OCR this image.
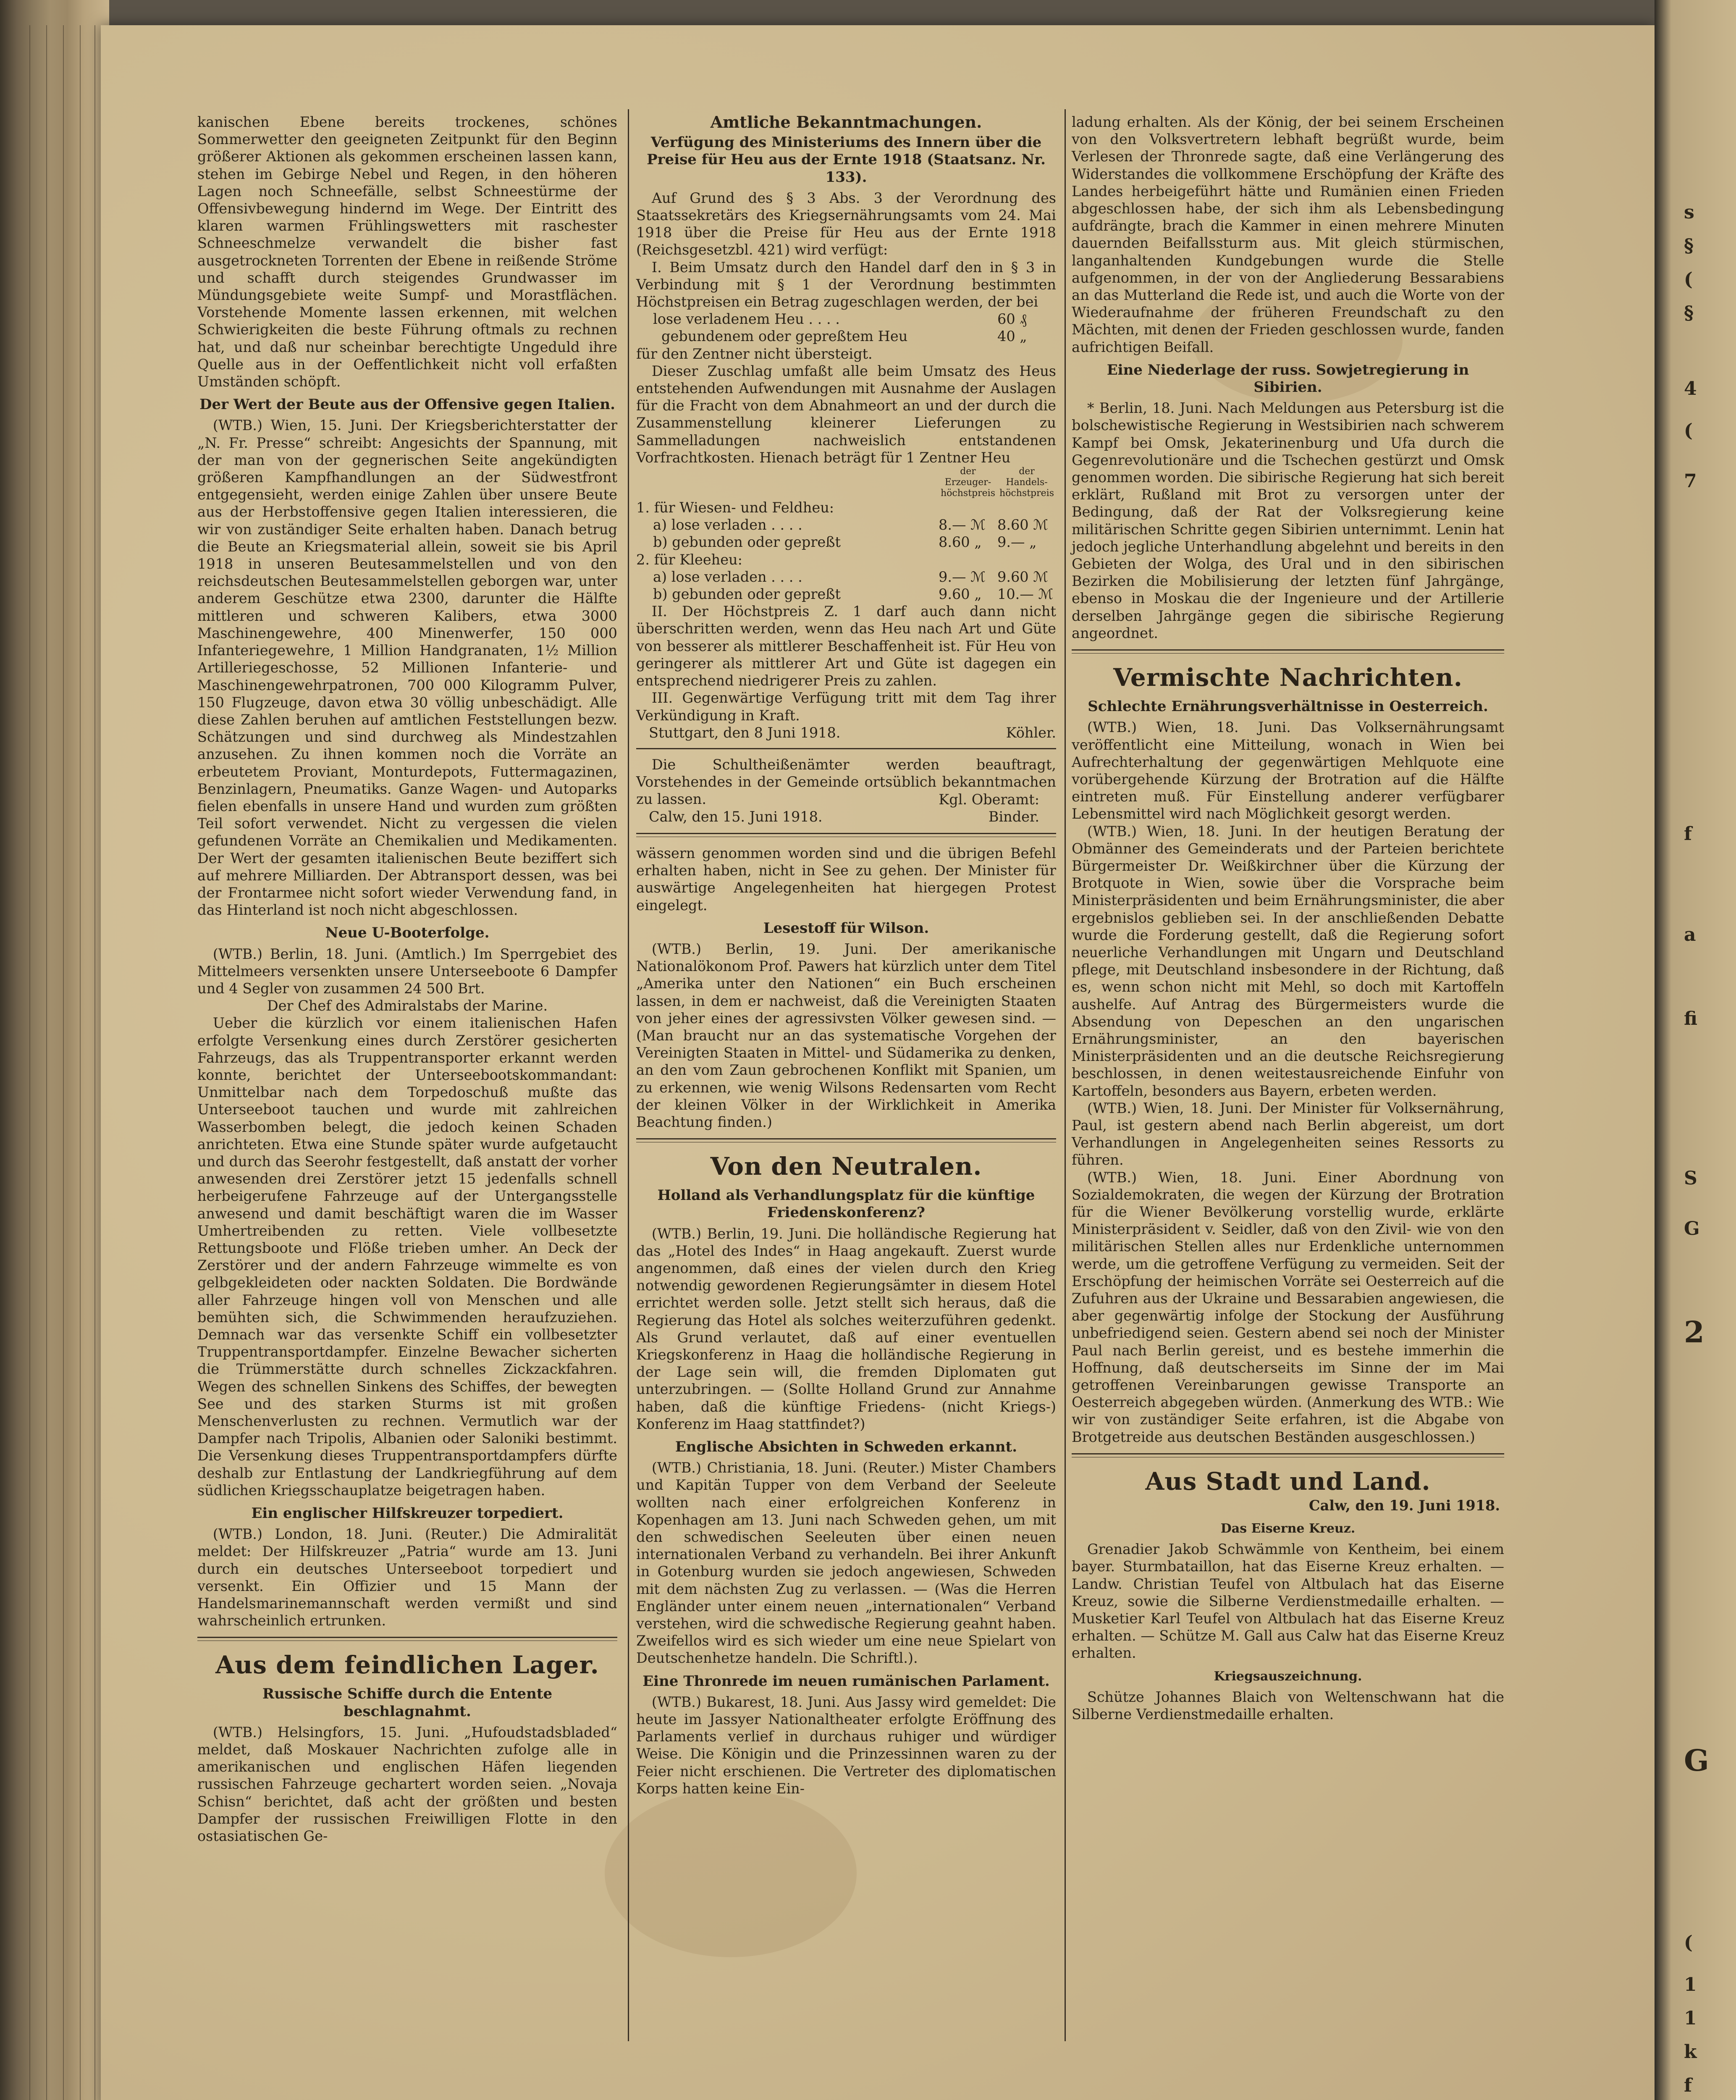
kanischen Ebene bereits trockenes, schönes Sommerwetter den geeigneten Zeitpunkt für den Beginn größerer Aktionen als gekommen erscheinen lassen kann, stehen im Gebirge Nebel und Regen, in den höheren Lagen noch Schneefälle, selbst Schneestürme der Offensivbewegung hindernd im Wege. Der Eintritt des klaren warmen Frühlingswetters mit raschester Schneeschmelze verwandelt die bisher fast ausgetrockneten Torrenten der Ebene in reißende Ströme und schafft durch steigendes Grundwasser im Mündungsgebiete weite Sumpf- und Morastflächen. Vorstehende Momente lassen erkennen, mit welchen Schwierigkeiten die beste Führung oftmals zu rechnen hat, und daß nur scheinbar berechtigte Ungeduld ihre Quelle aus in der Oeffentlichkeit nicht voll erfaßten Umständen schöpft.

Der Wert der Beute aus der Offensive gegen Italien.

(WTB.) Wien, 15. Juni. Der Kriegsberichterstatter der „N. Fr. Presse“ schreibt: Angesichts der Spannung, mit der man von der gegnerischen Seite angekündigten größeren Kampfhandlungen an der Südwestfront entgegensieht, werden einige Zahlen über unsere Beute aus der Herbstoffensive gegen Italien interessieren, die wir von zuständiger Seite erhalten haben. Danach betrug die Beute an Kriegsmaterial allein, soweit sie bis April 1918 in unseren Beutesammelstellen und von den reichsdeutschen Beutesammelstellen geborgen war, unter anderem Geschütze etwa 2300, darunter die Hälfte mittleren und schweren Kalibers, etwa 3000 Maschinengewehre, 400 Minenwerfer, 150 000 Infanteriegewehre, 1 Million Handgranaten, 1½ Million Artilleriegeschosse, 52 Millionen Infanterie- und Maschinengewehrpatronen, 700 000 Kilogramm Pulver, 150 Flugzeuge, davon etwa 30 völlig unbeschädigt. Alle diese Zahlen beruhen auf amtlichen Feststellungen bezw. Schätzungen und sind durchweg als Mindestzahlen anzusehen. Zu ihnen kommen noch die Vorräte an erbeutetem Proviant, Monturdepots, Futtermagazinen, Benzinlagern, Pneumatiks. Ganze Wagen- und Autoparks fielen ebenfalls in unsere Hand und wurden zum größten Teil sofort verwendet. Nicht zu vergessen die vielen gefundenen Vorräte an Chemikalien und Medikamenten. Der Wert der gesamten italienischen Beute beziffert sich auf mehrere Milliarden. Der Abtransport dessen, was bei der Frontarmee nicht sofort wieder Verwendung fand, in das Hinterland ist noch nicht abgeschlossen.

Neue U-Booterfolge.

(WTB.) Berlin, 18. Juni. (Amtlich.) Im Sperrgebiet des Mittelmeers versenkten unsere Unterseeboote 6 Dampfer und 4 Segler von zusammen 24 500 Brt.

Der Chef des Admiralstabs der Marine.

Ueber die kürzlich vor einem italienischen Hafen erfolgte Versenkung eines durch Zerstörer gesicherten Fahrzeugs, das als Truppentransporter erkannt werden konnte, berichtet der Unterseebootskommandant: Unmittelbar nach dem Torpedoschuß mußte das Unterseeboot tauchen und wurde mit zahlreichen Wasserbomben belegt, die jedoch keinen Schaden anrichteten. Etwa eine Stunde später wurde aufgetaucht und durch das Seerohr festgestellt, daß anstatt der vorher anwesenden drei Zerstörer jetzt 15 jedenfalls schnell herbeigerufene Fahrzeuge auf der Untergangsstelle anwesend und damit beschäftigt waren die im Wasser Umhertreibenden zu retten. Viele vollbesetzte Rettungsboote und Flöße trieben umher. An Deck der Zerstörer und der andern Fahrzeuge wimmelte es von gelbgekleideten oder nackten Soldaten. Die Bordwände aller Fahrzeuge hingen voll von Menschen und alle bemühten sich, die Schwimmenden heraufzuziehen. Demnach war das versenkte Schiff ein vollbesetzter Truppentransportdampfer. Einzelne Bewacher sicherten die Trümmerstätte durch schnelles Zickzackfahren. Wegen des schnellen Sinkens des Schiffes, der bewegten See und des starken Sturms ist mit großen Menschenverlusten zu rechnen. Vermutlich war der Dampfer nach Tripolis, Albanien oder Saloniki bestimmt. Die Versenkung dieses Truppentransportdampfers dürfte deshalb zur Entlastung der Landkriegführung auf dem südlichen Kriegsschauplatze beigetragen haben.

Ein englischer Hilfskreuzer torpediert.

(WTB.) London, 18. Juni. (Reuter.) Die Admiralität meldet: Der Hilfskreuzer „Patria“ wurde am 13. Juni durch ein deutsches Unterseeboot torpediert und versenkt. Ein Offizier und 15 Mann der Handelsmarinemannschaft werden vermißt und sind wahrscheinlich ertrunken.

Aus dem feindlichen Lager.
Russische Schiffe durch die Entente beschlagnahmt.

(WTB.) Helsingfors, 15. Juni. „Hufoudstadsbladed“ meldet, daß Moskauer Nachrichten zufolge alle in amerikanischen und englischen Häfen liegenden russischen Fahrzeuge gechartert worden seien. „Novaja Schisn“ berichtet, daß acht der größten und besten Dampfer der russischen Freiwilligen Flotte in den ostasiatischen Ge-

Amtliche Bekanntmachungen.
Verfügung des Ministeriums des Innern über die Preise für Heu aus der Ernte 1918 (Staatsanz. Nr. 133).

Auf Grund des § 3 Abs. 3 der Verordnung des Staatssekretärs des Kriegsernährungsamts vom 24. Mai 1918 über die Preise für Heu aus der Ernte 1918 (Reichsgesetzbl. 421) wird verfügt:

I. Beim Umsatz durch den Handel darf den in § 3 in Verbindung mit § 1 der Verordnung bestimmten Höchstpreisen ein Betrag zugeschlagen werden, der bei

lose verladenem Heu . . . .	60 ₰
gebundenem oder gepreßtem Heu	40 „

für den Zentner nicht übersteigt.

Dieser Zuschlag umfaßt alle beim Umsatz des Heus entstehenden Aufwendungen mit Ausnahme der Auslagen für die Fracht von dem Abnahmeort an und der durch die Zusammenstellung kleinerer Lieferungen zu Sammelladungen nachweislich entstandenen Vorfrachtkosten. Hienach beträgt für 1 Zentner Heu

der Erzeuger-höchstpreis
der Handels-höchstpreis
1. für Wiesen- und Feldheu:
a) lose verladen . . . .	8.— ℳ 8.60 ℳ
b) gebunden oder gepreßt	8.60 „	9.— „
2. für Kleeheu:
a) lose verladen . . . .	9.— ℳ 9.60 ℳ
b) gebunden oder gepreßt	9.60 „	10.— ℳ

II. Der Höchstpreis Z. 1 darf auch dann nicht überschritten werden, wenn das Heu nach Art und Güte von besserer als mittlerer Beschaffenheit ist. Für Heu von geringerer als mittlerer Art und Güte ist dagegen ein entsprechend niedrigerer Preis zu zahlen.

III. Gegenwärtige Verfügung tritt mit dem Tag ihrer Verkündigung in Kraft.

Stuttgart, den 8 Juni 1918.	Köhler.

Die Schultheißenämter werden beauftragt, Vorstehendes in der Gemeinde ortsüblich bekanntmachen zu lassen.	Kgl. Oberamt:

Calw, den 15. Juni 1918.	Binder.

wässern genommen worden sind und die übrigen Befehl erhalten haben, nicht in See zu gehen. Der Minister für auswärtige Angelegenheiten hat hiergegen Protest eingelegt.

Lesestoff für Wilson.

(WTB.) Berlin, 19. Juni. Der amerikanische Nationalökonom Prof. Pawers hat kürzlich unter dem Titel „Amerika unter den Nationen“ ein Buch erscheinen lassen, in dem er nachweist, daß die Vereinigten Staaten von jeher eines der agressivsten Völker gewesen sind. — (Man braucht nur an das systematische Vorgehen der Vereinigten Staaten in Mittel- und Südamerika zu denken, an den vom Zaun gebrochenen Konflikt mit Spanien, um zu erkennen, wie wenig Wilsons Redensarten vom Recht der kleinen Völker in der Wirklichkeit in Amerika Beachtung finden.)

Von den Neutralen.
Holland als Verhandlungsplatz für die künftige Friedenskonferenz?

(WTB.) Berlin, 19. Juni. Die holländische Regierung hat das „Hotel des Indes“ in Haag angekauft. Zuerst wurde angenommen, daß eines der vielen durch den Krieg notwendig gewordenen Regierungsämter in diesem Hotel errichtet werden solle. Jetzt stellt sich heraus, daß die Regierung das Hotel als solches weiterzuführen gedenkt. Als Grund verlautet, daß auf einer eventuellen Kriegskonferenz in Haag die holländische Regierung in der Lage sein will, die fremden Diplomaten gut unterzubringen. — (Sollte Holland Grund zur Annahme haben, daß die künftige Friedens- (nicht Kriegs-) Konferenz im Haag stattfindet?)

Englische Absichten in Schweden erkannt.

(WTB.) Christiania, 18. Juni. (Reuter.) Mister Chambers und Kapitän Tupper von dem Verband der Seeleute wollten nach einer erfolgreichen Konferenz in Kopenhagen am 13. Juni nach Schweden gehen, um mit den schwedischen Seeleuten über einen neuen internationalen Verband zu verhandeln. Bei ihrer Ankunft in Gotenburg wurden sie jedoch angewiesen, Schweden mit dem nächsten Zug zu verlassen. — (Was die Herren Engländer unter einem neuen „internationalen“ Verband verstehen, wird die schwedische Regierung geahnt haben. Zweifellos wird es sich wieder um eine neue Spielart von Deutschenhetze handeln. Die Schriftl.).

Eine Thronrede im neuen rumänischen Parlament.

(WTB.) Bukarest, 18. Juni. Aus Jassy wird gemeldet: Die heute im Jassyer Nationaltheater erfolgte Eröffnung des Parlaments verlief in durchaus ruhiger und würdiger Weise. Die Königin und die Prinzessinnen waren zu der Feier nicht erschienen. Die Vertreter des diplomatischen Korps hatten keine Ein-

ladung erhalten. Als der König, der bei seinem Erscheinen von den Volksvertretern lebhaft begrüßt wurde, beim Verlesen der Thronrede sagte, daß eine Verlängerung des Widerstandes die vollkommene Erschöpfung der Kräfte des Landes herbeigeführt hätte und Rumänien einen Frieden abgeschlossen habe, der sich ihm als Lebensbedingung aufdrängte, brach die Kammer in einen mehrere Minuten dauernden Beifallssturm aus. Mit gleich stürmischen, langanhaltenden Kundgebungen wurde die Stelle aufgenommen, in der von der Angliederung Bessarabiens an das Mutterland die Rede ist, und auch die Worte von der Wiederaufnahme der früheren Freundschaft zu den Mächten, mit denen der Frieden geschlossen wurde, fanden aufrichtigen Beifall.

Eine Niederlage der russ. Sowjetregierung in Sibirien.

* Berlin, 18. Juni. Nach Meldungen aus Petersburg ist die bolschewistische Regierung in Westsibirien nach schwerem Kampf bei Omsk, Jekaterinenburg und Ufa durch die Gegenrevolutionäre und die Tschechen gestürzt und Omsk genommen worden. Die sibirische Regierung hat sich bereit erklärt, Rußland mit Brot zu versorgen unter der Bedingung, daß der Rat der Volksregierung keine militärischen Schritte gegen Sibirien unternimmt. Lenin hat jedoch jegliche Unterhandlung abgelehnt und bereits in den Gebieten der Wolga, des Ural und in den sibirischen Bezirken die Mobilisierung der letzten fünf Jahrgänge, ebenso in Moskau die der Ingenieure und der Artillerie derselben Jahrgänge gegen die sibirische Regierung angeordnet.

Vermischte Nachrichten.
Schlechte Ernährungsverhältnisse in Oesterreich.

(WTB.) Wien, 18. Juni. Das Volksernährungsamt veröffentlicht eine Mitteilung, wonach in Wien bei Aufrechterhaltung der gegenwärtigen Mehlquote eine vorübergehende Kürzung der Brotration auf die Hälfte eintreten muß. Für Einstellung anderer verfügbarer Lebensmittel wird nach Möglichkeit gesorgt werden.

(WTB.) Wien, 18. Juni. In der heutigen Beratung der Obmänner des Gemeinderats und der Parteien berichtete Bürgermeister Dr. Weißkirchner über die Kürzung der Brotquote in Wien, sowie über die Vorsprache beim Ministerpräsidenten und beim Ernährungsminister, die aber ergebnislos geblieben sei. In der anschließenden Debatte wurde die Forderung gestellt, daß die Regierung sofort neuerliche Verhandlungen mit Ungarn und Deutschland pflege, mit Deutschland insbesondere in der Richtung, daß es, wenn schon nicht mit Mehl, so doch mit Kartoffeln aushelfe. Auf Antrag des Bürgermeisters wurde die Absendung von Depeschen an den ungarischen Ernährungsminister, an den bayerischen Ministerpräsidenten und an die deutsche Reichsregierung beschlossen, in denen weitestausreichende Einfuhr von Kartoffeln, besonders aus Bayern, erbeten werden.

(WTB.) Wien, 18. Juni. Der Minister für Volksernährung, Paul, ist gestern abend nach Berlin abgereist, um dort Verhandlungen in Angelegenheiten seines Ressorts zu führen.

(WTB.) Wien, 18. Juni. Einer Abordnung von Sozialdemokraten, die wegen der Kürzung der Brotration für die Wiener Bevölkerung vorstellig wurde, erklärte Ministerpräsident v. Seidler, daß von den Zivil- wie von den militärischen Stellen alles nur Erdenkliche unternommen werde, um die getroffene Verfügung zu vermeiden. Seit der Erschöpfung der heimischen Vorräte sei Oesterreich auf die Zufuhren aus der Ukraine und Bessarabien angewiesen, die aber gegenwärtig infolge der Stockung der Ausführung unbefriedigend seien. Gestern abend sei noch der Minister Paul nach Berlin gereist, und es bestehe immerhin die Hoffnung, daß deutscherseits im Sinne der im Mai getroffenen Vereinbarungen gewisse Transporte an Oesterreich abgegeben würden. (Anmerkung des WTB.: Wie wir von zuständiger Seite erfahren, ist die Abgabe von Brotgetreide aus deutschen Beständen ausgeschlossen.)

Aus Stadt und Land.

Calw, den 19. Juni 1918.

Das Eiserne Kreuz.

Grenadier Jakob Schwämmle von Kentheim, bei einem bayer. Sturmbataillon, hat das Eiserne Kreuz erhalten. — Landw. Christian Teufel von Altbulach hat das Eiserne Kreuz, sowie die Silberne Verdienstmedaille erhalten. — Musketier Karl Teufel von Altbulach hat das Eiserne Kreuz erhalten. — Schütze M. Gall aus Calw hat das Eiserne Kreuz erhalten.

Kriegsauszeichnung.

Schütze Johannes Blaich von Weltenschwann hat die Silberne Verdienstmedaille erhalten.

s
§
(
§
4
(
7
f
a
fi
S
G
2
G
(
1
1
k
f
